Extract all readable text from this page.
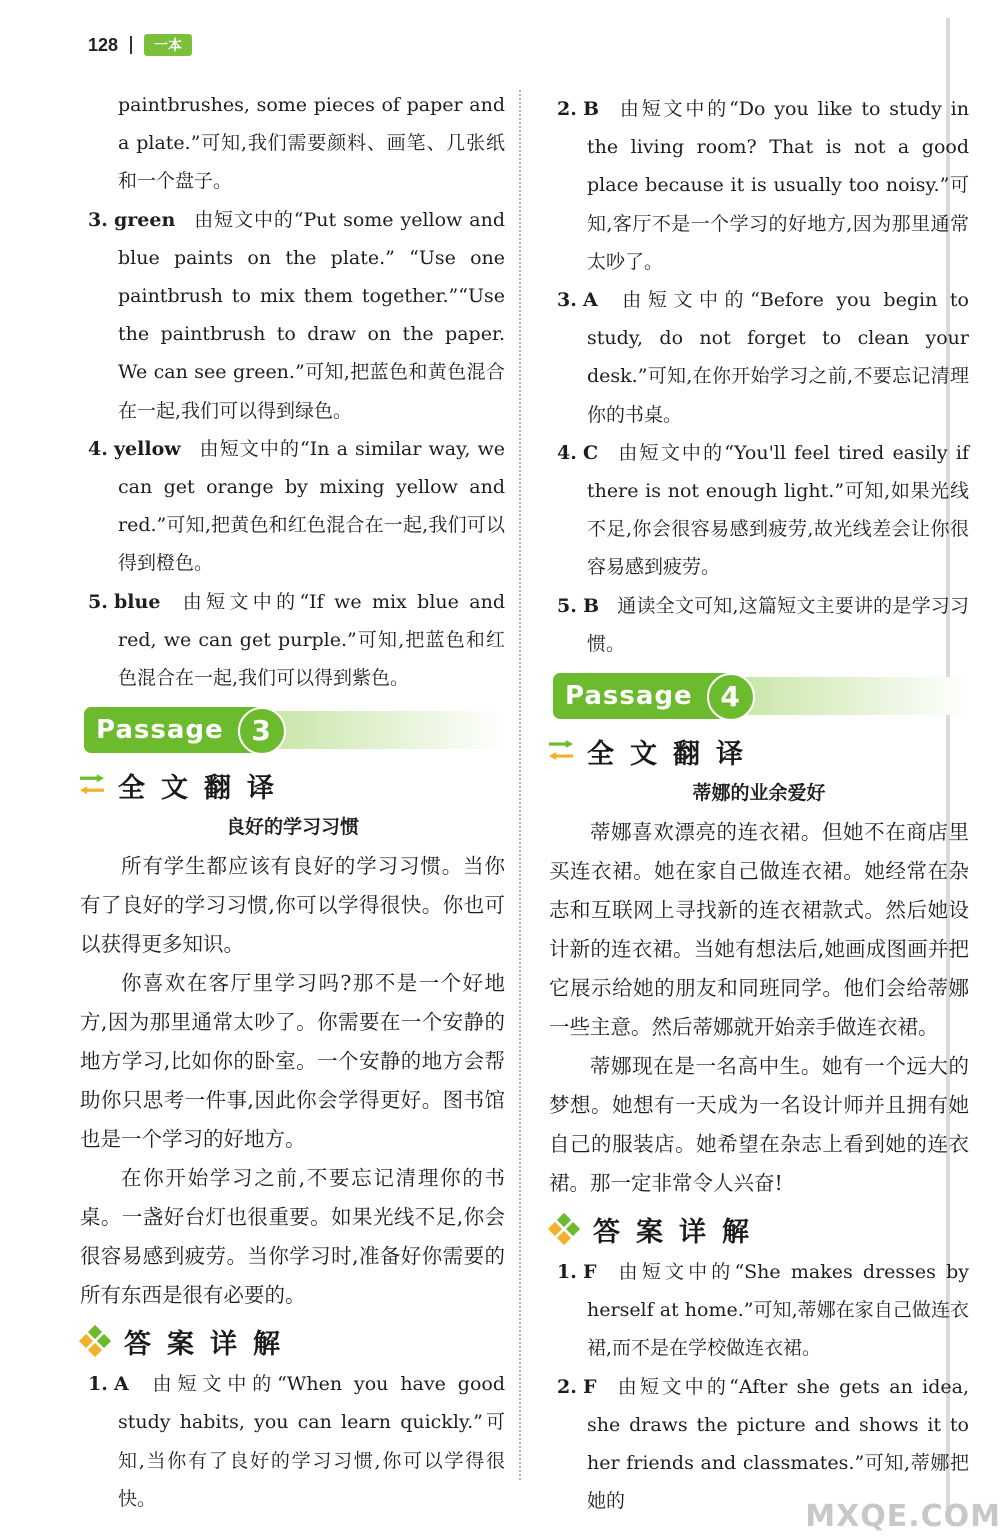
128	一本

paintbrushes, some pieces of paper and a plate.”可知,我们需要颜料、画笔、几张纸和一个盘子。

3. green 由短文中的“Put some yellow and blue paints on the plate.” “Use one paintbrush to mix them together.”“Use the paintbrush to draw on the paper. We can see green.”可知,把蓝色和黄色混合在一起,我们可以得到绿色。

4. yellow 由短文中的“In a similar way, we can get orange by mixing yellow and red.”可知,把黄色和红色混合在一起,我们可以得到橙色。

5. blue 由短文中的“If we mix blue and red, we can get purple.”可知,把蓝色和红色混合在一起,我们可以得到紫色。

Passage 3
全文翻译

良好的学习习惯

所有学生都应该有良好的学习习惯。当你有了良好的学习习惯,你可以学得很快。你也可以获得更多知识。

你喜欢在客厅里学习吗?那不是一个好地方,因为那里通常太吵了。你需要在一个安静的地方学习,比如你的卧室。一个安静的地方会帮助你只思考一件事,因此你会学得更好。图书馆也是一个学习的好地方。

在你开始学习之前,不要忘记清理你的书桌。一盏好台灯也很重要。如果光线不足,你会很容易感到疲劳。当你学习时,准备好你需要的所有东西是很有必要的。

答案详解

1. A 由短文中的“When you have good study habits, you can learn quickly.”可知,当你有了良好的学习习惯,你可以学得很快。

2. B 由短文中的“Do you like to study in the living room? That is not a good place because it is usually too noisy.”可知,客厅不是一个学习的好地方,因为那里通常太吵了。

3. A 由短文中的“Before you begin to study, do not forget to clean your desk.”可知,在你开始学习之前,不要忘记清理你的书桌。

4. C 由短文中的“You'll feel tired easily if there is not enough light.”可知,如果光线不足,你会很容易感到疲劳,故光线差会让你很容易感到疲劳。

5. B 通读全文可知,这篇短文主要讲的是学习习惯。

Passage 4
全文翻译

蒂娜的业余爱好

蒂娜喜欢漂亮的连衣裙。但她不在商店里买连衣裙。她在家自己做连衣裙。她经常在杂志和互联网上寻找新的连衣裙款式。然后她设计新的连衣裙。当她有想法后,她画成图画并把它展示给她的朋友和同班同学。他们会给蒂娜一些主意。然后蒂娜就开始亲手做连衣裙。

蒂娜现在是一名高中生。她有一个远大的梦想。她想有一天成为一名设计师并且拥有她自己的服装店。她希望在杂志上看到她的连衣裙。那一定非常令人兴奋!

答案详解

1. F 由短文中的“She makes dresses by herself at home.”可知,蒂娜在家自己做连衣裙,而不是在学校做连衣裙。

2. F 由短文中的“After she gets an idea, she draws the picture and shows it to her friends and classmates.”可知,蒂娜把她的	MXQE.COM
